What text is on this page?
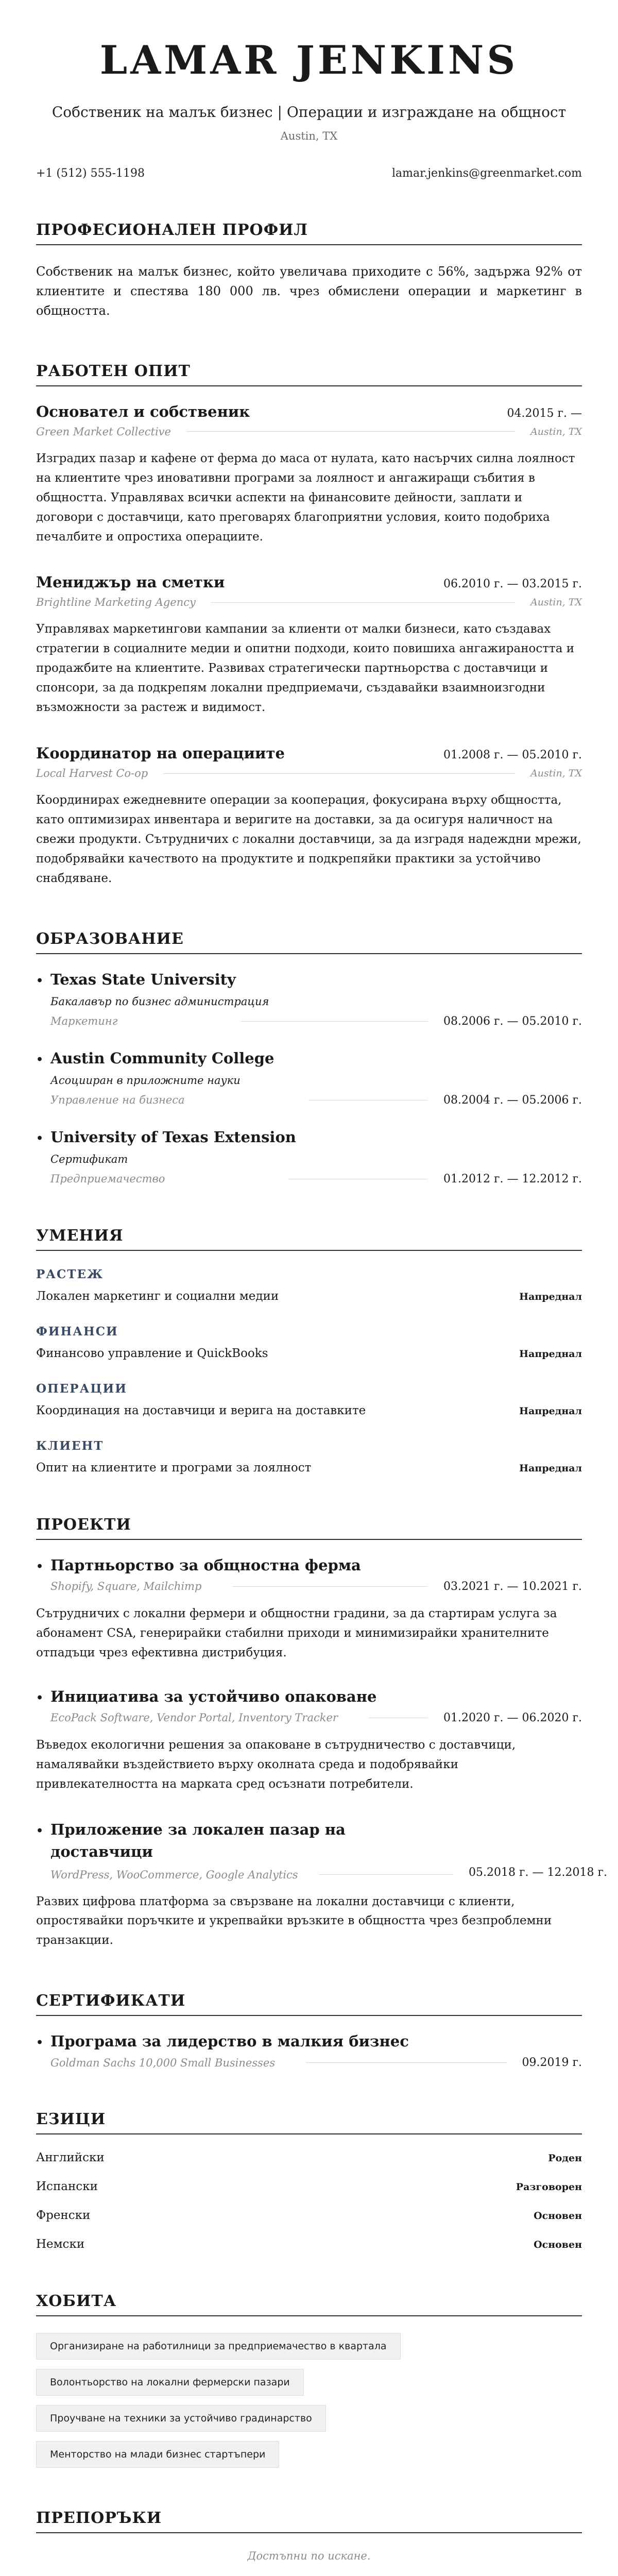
LAMAR JENKINS
Собственик на малък бизнес | Операции и изграждане на общност
Austin, TX
+1 (512) 555-1198	lamar.jenkins@greenmarket.com
ПРОФЕСИОНАЛЕН ПРОФИЛ

Собственик на малък бизнес, който увеличава приходите с 56%, задържа 92% от клиентите и спестява 180 000 лв. чрез обмислени операции и маркетинг в общността.

РАБОТЕН ОПИТ
Основател и собственик	04.2015 г. —
Green Market Collective	Austin, TX

Изградих пазар и кафене от ферма до маса от нулата, като насърчих силна лоялност на клиентите чрез иновативни програми за лоялност и ангажиращи събития в общността. Управлявах всички аспекти на финансовите дейности, заплати и договори с доставчици, като преговарях благоприятни условия, които подобриха печалбите и опростиха операциите.

Мениджър на сметки	06.2010 г. — 03.2015 г.
Brightline Marketing Agency	Austin, TX

Управлявах маркетингови кампании за клиенти от малки бизнеси, като създавах стратегии в социалните медии и опитни подходи, които повишиха ангажираността и продажбите на клиентите. Развивах стратегически партньорства с доставчици и спонсори, за да подкрепям локални предприемачи, създавайки взаимноизгодни възможности за растеж и видимост.

Координатор на операциите	01.2008 г. — 05.2010 г.
Local Harvest Co-op	Austin, TX

Координирах ежедневните операции за кооперация, фокусирана върху общността, като оптимизирах инвентара и веригите на доставки, за да осигуря наличност на свежи продукти. Сътрудничих с локални доставчици, за да изградя надеждни мрежи, подобрявайки качеството на продуктите и подкрепяйки практики за устойчиво снабдяване.

ОБРАЗОВАНИЕ
• Texas State University
Бакалавър по бизнес администрация
Маркетинг	08.2006 г. — 05.2010 г.
• Austin Community College
Асоцииран в приложните науки
Управление на бизнеса	08.2004 г. — 05.2006 г.
• University of Texas Extension
Сертификат
Предприемачество	01.2012 г. — 12.2012 г.
УМЕНИЯ
РАСТЕЖ
Локален маркетинг и социални медии	Напреднал
ФИНАНСИ
Финансово управление и QuickBooks	Напреднал
ОПЕРАЦИИ
Координация на доставчици и верига на доставките	Напреднал
КЛИЕНТ
Опит на клиентите и програми за лоялност	Напреднал
ПРОЕКТИ
• Партньорство за общностна ферма
Shopify, Square, Mailchimp	03.2021 г. — 10.2021 г.

Сътрудничих с локални фермери и общностни градини, за да стартирам услуга за абонамент CSA, генерирайки стабилни приходи и минимизирайки хранителните отпадъци чрез ефективна дистрибуция.

• Инициатива за устойчиво опаковане
EcoPack Software, Vendor Portal, Inventory Tracker	01.2020 г. — 06.2020 г.

Въведох екологични решения за опаковане в сътрудничество с доставчици, намалявайки въздействието върху околната среда и подобрявайки привлекателността на марката сред осъзнати потребители.

• Приложение за локален пазар на доставчици
WordPress, WooCommerce, Google Analytics	05.2018 г. — 12.2018 г.

Развих цифрова платформа за свързване на локални доставчици с клиенти, опростявайки поръчките и укрепвайки връзките в общността чрез безпроблемни транзакции.

СЕРТИФИКАТИ
• Програма за лидерство в малкия бизнес
Goldman Sachs 10,000 Small Businesses	09.2019 г.
ЕЗИЦИ
Английски	Роден
Испански	Разговорен
Френски	Основен
Немски	Основен
ХОБИТА
Организиране на работилници за предприемачество в квартала
Волонтьорство на локални фермерски пазари
Проучване на техники за устойчиво градинарство
Менторство на млади бизнес стартъпери
ПРЕПОРЪКИ

Достъпни по искане.
